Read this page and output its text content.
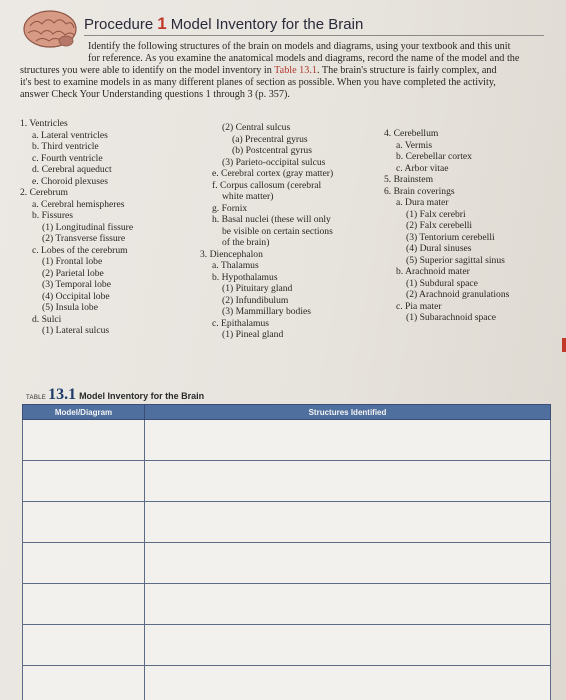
Procedure 1 Model Inventory for the Brain
Identify the following structures of the brain on models and diagrams, using your textbook and this unit
for reference. As you examine the anatomical models and diagrams, record the name of the model and the
structures you were able to identify on the model inventory in Table 13.1. The brain's structure is fairly complex, and
it's best to examine models in as many different planes of section as possible. When you have completed the activity,
answer Check Your Understanding questions 1 through 3 (p. 357).
1. Ventricles
a. Lateral ventricles
b. Third ventricle
c. Fourth ventricle
d. Cerebral aqueduct
e. Choroid plexuses
2. Cerebrum
a. Cerebral hemispheres
b. Fissures
(1) Longitudinal fissure
(2) Transverse fissure
c. Lobes of the cerebrum
(1) Frontal lobe
(2) Parietal lobe
(3) Temporal lobe
(4) Occipital lobe
(5) Insula lobe
d. Sulci
(1) Lateral sulcus
(2) Central sulcus
(a) Precentral gyrus
(b) Postcentral gyrus
(3) Parieto-occipital sulcus
e. Cerebral cortex (gray matter)
f. Corpus callosum (cerebral
white matter)
g. Fornix
h. Basal nuclei (these will only
be visible on certain sections
of the brain)
3. Diencephalon
a. Thalamus
b. Hypothalamus
(1) Pituitary gland
(2) Infundibulum
(3) Mammillary bodies
c. Epithalamus
(1) Pineal gland
4. Cerebellum
a. Vermis
b. Cerebellar cortex
c. Arbor vitae
5. Brainstem
6. Brain coverings
a. Dura mater
(1) Falx cerebri
(2) Falx cerebelli
(3) Tentorium cerebelli
(4) Dural sinuses
(5) Superior sagittal sinus
b. Arachnoid mater
(1) Subdural space
(2) Arachnoid granulations
c. Pia mater
(1) Subarachnoid space
TABLE 13.1 Model Inventory for the Brain
Model/Diagram	Structures Identified
